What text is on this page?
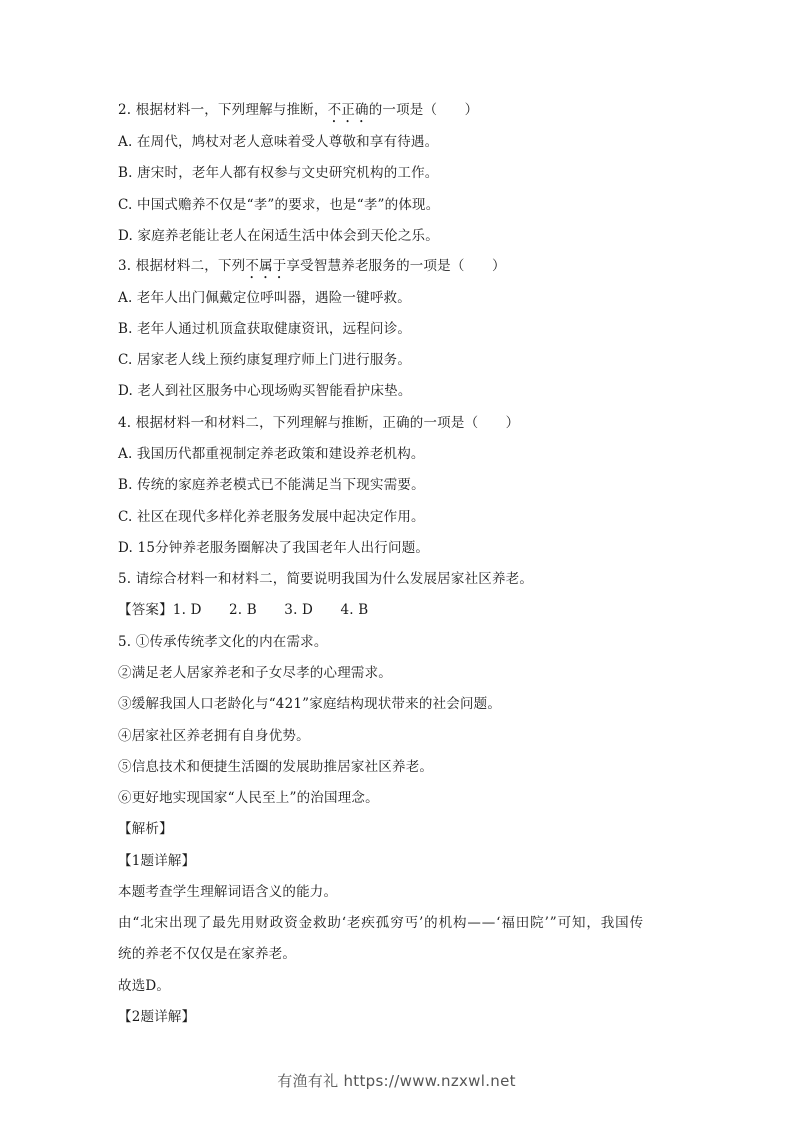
2. 根据材料一，下列理解与推断，不正确的一项是（　　）
A. 在周代，鸠杖对老人意味着受人尊敬和享有待遇。
B. 唐宋时，老年人都有权参与文史研究机构的工作。
C. 中国式赡养不仅是“孝”的要求，也是“孝”的体现。
D. 家庭养老能让老人在闲适生活中体会到天伦之乐。
3. 根据材料二，下列不属于享受智慧养老服务的一项是（　　）
A. 老年人出门佩戴定位呼叫器，遇险一键呼救。
B. 老年人通过机顶盒获取健康资讯，远程问诊。
C. 居家老人线上预约康复理疗师上门进行服务。
D. 老人到社区服务中心现场购买智能看护床垫。
4. 根据材料一和材料二，下列理解与推断，正确的一项是（　　）
A. 我国历代都重视制定养老政策和建设养老机构。
B. 传统的家庭养老模式已不能满足当下现实需要。
C. 社区在现代多样化养老服务发展中起决定作用。
D. 15分钟养老服务圈解决了我国老年人出行问题。
5. 请综合材料一和材料二，简要说明我国为什么发展居家社区养老。
【答案】1. D　　2. B　　3. D　　4. B
5. ①传承传统孝文化的内在需求。
②满足老人居家养老和子女尽孝的心理需求。
③缓解我国人口老龄化与“421”家庭结构现状带来的社会问题。
④居家社区养老拥有自身优势。
⑤信息技术和便捷生活圈的发展助推居家社区养老。
⑥更好地实现国家“人民至上”的治国理念。
【解析】
【1题详解】
本题考查学生理解词语含义的能力。
由“北宋出现了最先用财政资金救助‘老疾孤穷丐’的机构——‘福田院’”可知，我国传
统的养老不仅仅是在家养老。
故选D。
【2题详解】
有渔有礼 https://www.nzxwl.net
